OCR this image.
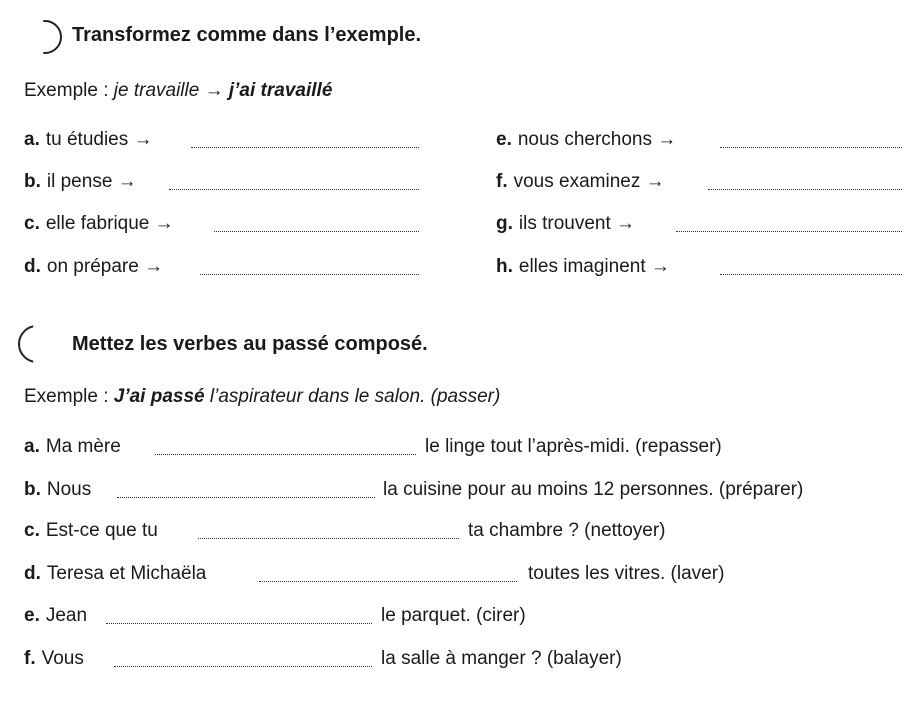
Transformez comme dans l’exemple.
Exemple : je travaille → j’ai travaillé
a. tu étudies →
b. il pense →
c. elle fabrique →
d. on prépare →
e. nous cherchons →
f. vous examinez →
g. ils trouvent →
h. elles imaginent →
Mettez les verbes au passé composé.
Exemple : J’ai passé l’aspirateur dans le salon. (passer)
a. Ma mère	le linge tout l’après-midi. (repasser)
b. Nous	la cuisine pour au moins 12 personnes. (préparer)
c. Est-ce que tu	ta chambre ? (nettoyer)
d. Teresa et Michaëla	toutes les vitres. (laver)
e. Jean	le parquet. (cirer)
f. Vous	la salle à manger ? (balayer)
